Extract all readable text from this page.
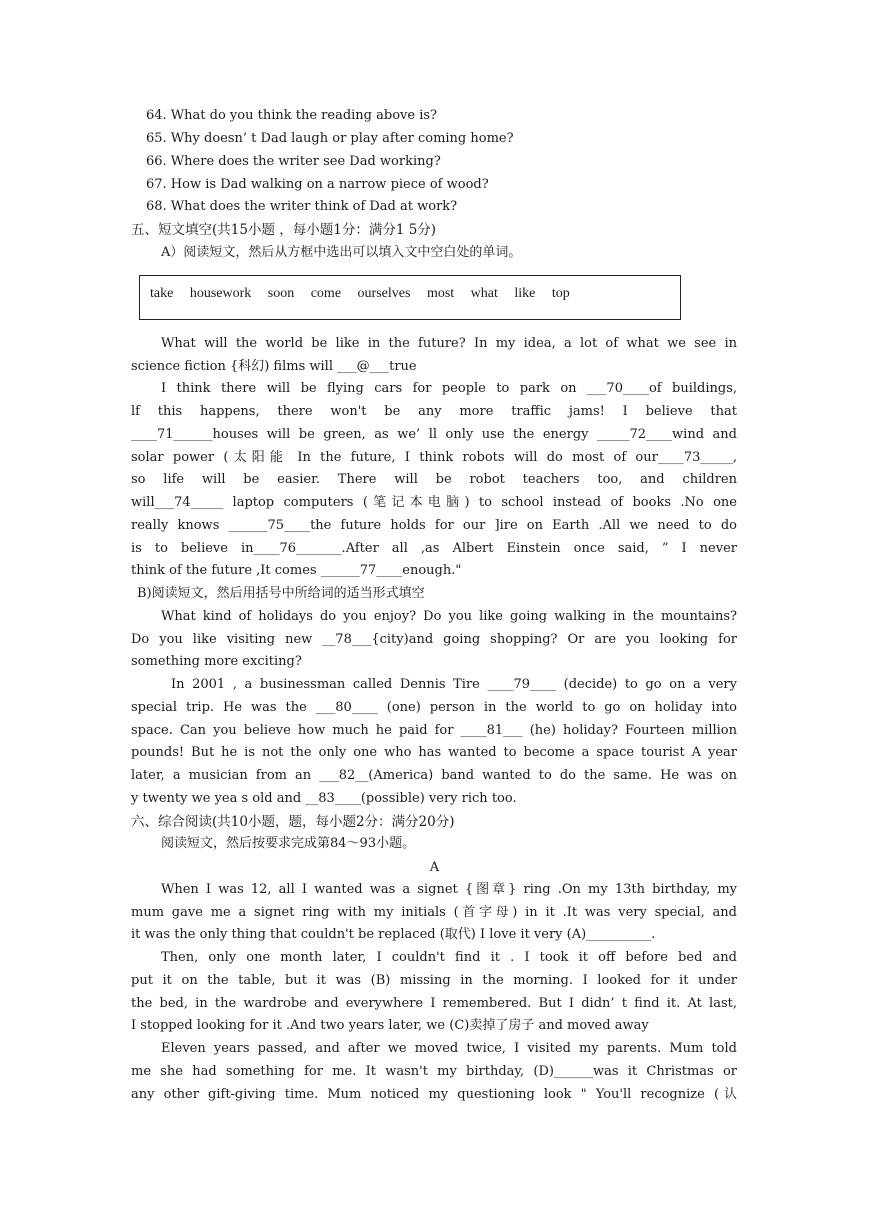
64. What do you think the reading above is?
65. Why doesn’ t Dad laugh or play after coming home?
66. Where does the writer see Dad working?
67. How is Dad walking on a narrow piece of wood?
68. What does the writer think of Dad at work?
五、短文填空(共15小题 ，每小题1分：满分1 5分)
A）阅读短文，然后从方框中选出可以填入文中空白处的单词。
take housework soon come ourselves most what like top
What will the world be like in the future? In my idea, a lot of what we see in
science fiction {科幻) films will ___@___true
I think there will be flying cars for people to park on ___70____of buildings,
lf this happens, there won't be any more traffic jams! I believe that
____71______houses will be green, as we’ ll only use the energy _____72____wind and
solar power (太阳能 In the future, I think robots will do most of our____73_____,
so life will be easier. There will be robot teachers too, and children
will___74_____ laptop computers (笔记本电脑) to school instead of books .No one
really knows ______75____the future holds for our ]ire on Earth .All we need to do
is to believe in____76_______.After all ,as Albert Einstein once said, ” I never
think of the future ,It comes ______77____enough."
B)阅读短文，然后用括号中所给词的适当形式填空
What kind of holidays do you enjoy? Do you like going walking in the mountains?
Do you like visiting new __78___{city)and going shopping? Or are you looking for
something more exciting?
In 2001 , a businessman called Dennis Tire ____79____ (decide) to go on a very
special trip. He was the ___80____ (one) person in the world to go on holiday into
space. Can you believe how much he paid for ____81___ (he) holiday? Fourteen million
pounds! But he is not the only one who has wanted to become a space tourist A year
later, a musician from an ___82__(America) band wanted to do the same. He was on
y twenty we yea s old and __83____(possible) very rich too.
六、综合阅读(共10小题，题，每小题2分：满分20分)
阅读短文，然后按要求完成第84～93小题。
A
When I was 12, all I wanted was a signet {图章} ring .On my 13th birthday, my
mum gave me a signet ring with my initials (首字母) in it .It was very special, and
it was the only thing that couldn't be replaced (取代) I love it very (A)__________.
Then, only one month later, I couldn't find it . I took it off before bed and
put it on the table, but it was (B) missing in the morning. I looked for it under
the bed, in the wardrobe and everywhere I remembered. But I didn’ t find it. At last,
I stopped looking for it .And two years later, we (C)卖掉了房子 and moved away
Eleven years passed, and after we moved twice, I visited my parents. Mum told
me she had something for me. It wasn't my birthday, (D)______was it Christmas or
any other gift-giving time. Mum noticed my questioning look " You'll recognize (认
